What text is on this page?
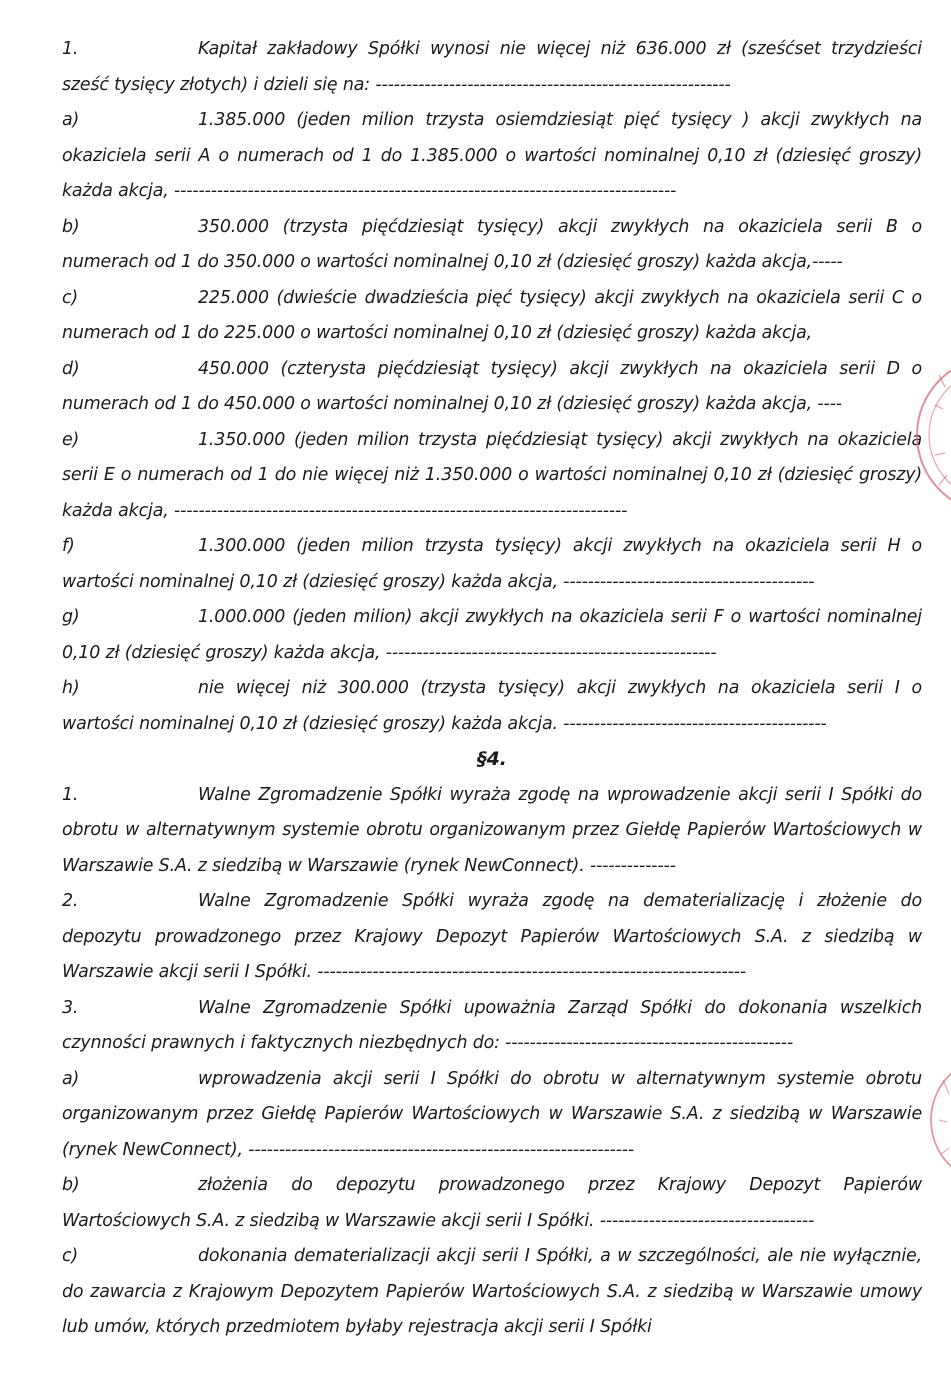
1.	Kapitał zakładowy Spółki wynosi nie więcej niż 636.000 zł (sześćset trzydzieści sześć tysięcy złotych) i dzieli się na: ----------------------------------------------------------

a)	1.385.000 (jeden milion trzysta osiemdziesiąt pięć tysięcy ) akcji zwykłych na okaziciela serii A o numerach od 1 do 1.385.000 o wartości nominalnej 0,10 zł (dziesięć groszy) każda akcja, ----------------------------------------------------------------------------------

b)	350.000 (trzysta pięćdziesiąt tysięcy) akcji zwykłych na okaziciela serii B o numerach od 1 do 350.000 o wartości nominalnej 0,10 zł (dziesięć groszy) każda akcja,-----

c)	225.000 (dwieście dwadzieścia pięć tysięcy) akcji zwykłych na okaziciela serii C o numerach od 1 do 225.000 o wartości nominalnej 0,10 zł (dziesięć groszy) każda akcja,

d)	450.000 (czterysta pięćdziesiąt tysięcy) akcji zwykłych na okaziciela serii D o numerach od 1 do 450.000 o wartości nominalnej 0,10 zł (dziesięć groszy) każda akcja, ----

e)	1.350.000 (jeden milion trzysta pięćdziesiąt tysięcy) akcji zwykłych na okaziciela serii E o numerach od 1 do nie więcej niż 1.350.000 o wartości nominalnej 0,10 zł (dziesięć groszy) każda akcja, --------------------------------------------------------------------------

f)	1.300.000 (jeden milion trzysta tysięcy) akcji zwykłych na okaziciela serii H o wartości nominalnej 0,10 zł (dziesięć groszy) każda akcja, -----------------------------------------

g)	1.000.000 (jeden milion) akcji zwykłych na okaziciela serii F o wartości nominalnej 0,10 zł (dziesięć groszy) każda akcja, ------------------------------------------------------

h)	nie więcej niż 300.000 (trzysta tysięcy) akcji zwykłych na okaziciela serii I o wartości nominalnej 0,10 zł (dziesięć groszy) każda akcja. -------------------------------------------

§4.

1.	Walne Zgromadzenie Spółki wyraża zgodę na wprowadzenie akcji serii I Spółki do obrotu w alternatywnym systemie obrotu organizowanym przez Giełdę Papierów Wartościowych w Warszawie S.A. z siedzibą w Warszawie (rynek NewConnect). --------------

2.	Walne Zgromadzenie Spółki wyraża zgodę na dematerializację i złożenie do depozytu prowadzonego przez Krajowy Depozyt Papierów Wartościowych S.A. z siedzibą w Warszawie akcji serii I Spółki. ----------------------------------------------------------------------

3.	Walne Zgromadzenie Spółki upoważnia Zarząd Spółki do dokonania wszelkich czynności prawnych i faktycznych niezbędnych do: -----------------------------------------------

a)	wprowadzenia akcji serii I Spółki do obrotu w alternatywnym systemie obrotu organizowanym przez Giełdę Papierów Wartościowych w Warszawie S.A. z siedzibą w Warszawie (rynek NewConnect), ---------------------------------------------------------------

b)	złożenia do depozytu prowadzonego przez Krajowy Depozyt Papierów Wartościowych S.A. z siedzibą w Warszawie akcji serii I Spółki. -----------------------------------

c)	dokonania dematerializacji akcji serii I Spółki, a w szczególności, ale nie wyłącznie, do zawarcia z Krajowym Depozytem Papierów Wartościowych S.A. z siedzibą w Warszawie umowy lub umów, których przedmiotem byłaby rejestracja akcji serii I Spółki
